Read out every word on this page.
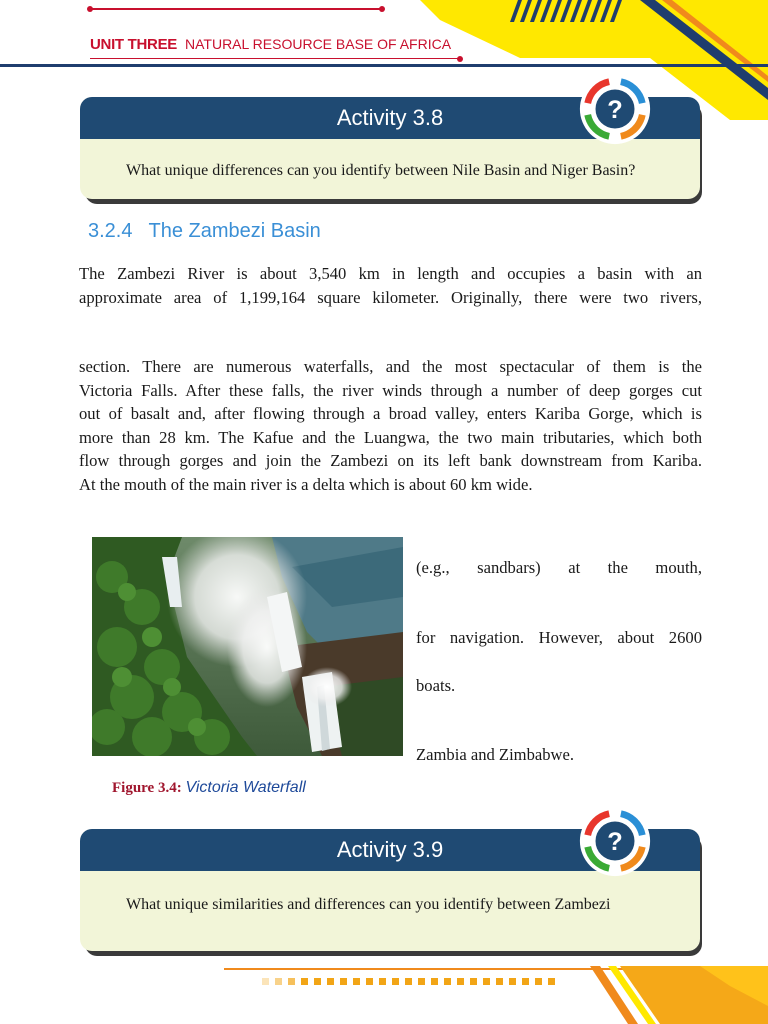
UNIT THREE NATURAL RESOURCE BASE OF AFRICA
Activity 3.8
What unique differences can you identify between Nile Basin and Niger Basin?
?
3.2.4 The Zambezi Basin

The Zambezi River is about 3,540 km in length and occupies a basin with an

approximate area of 1,199,164 square kilometer. Originally, there were two rivers,

section. There are numerous waterfalls, and the most spectacular of them is the

Victoria Falls. After these falls, the river winds through a number of deep gorges cut

out of basalt and, after flowing through a broad valley, enters Kariba Gorge, which is

more than 28 km. The Kafue and the Luangwa, the two main tributaries, which both

flow through gorges and join the Zambezi on its left bank downstream from Kariba.

At the mouth of the main river is a delta which is about 60 km wide.

(e.g.,     sandbars)     at     the     mouth,
for navigation. However, about 2600
boats.
Zambia and Zimbabwe.
Figure 3.4: Victoria Waterfall
Activity 3.9
What unique similarities and differences can you identify between Zambezi
?
